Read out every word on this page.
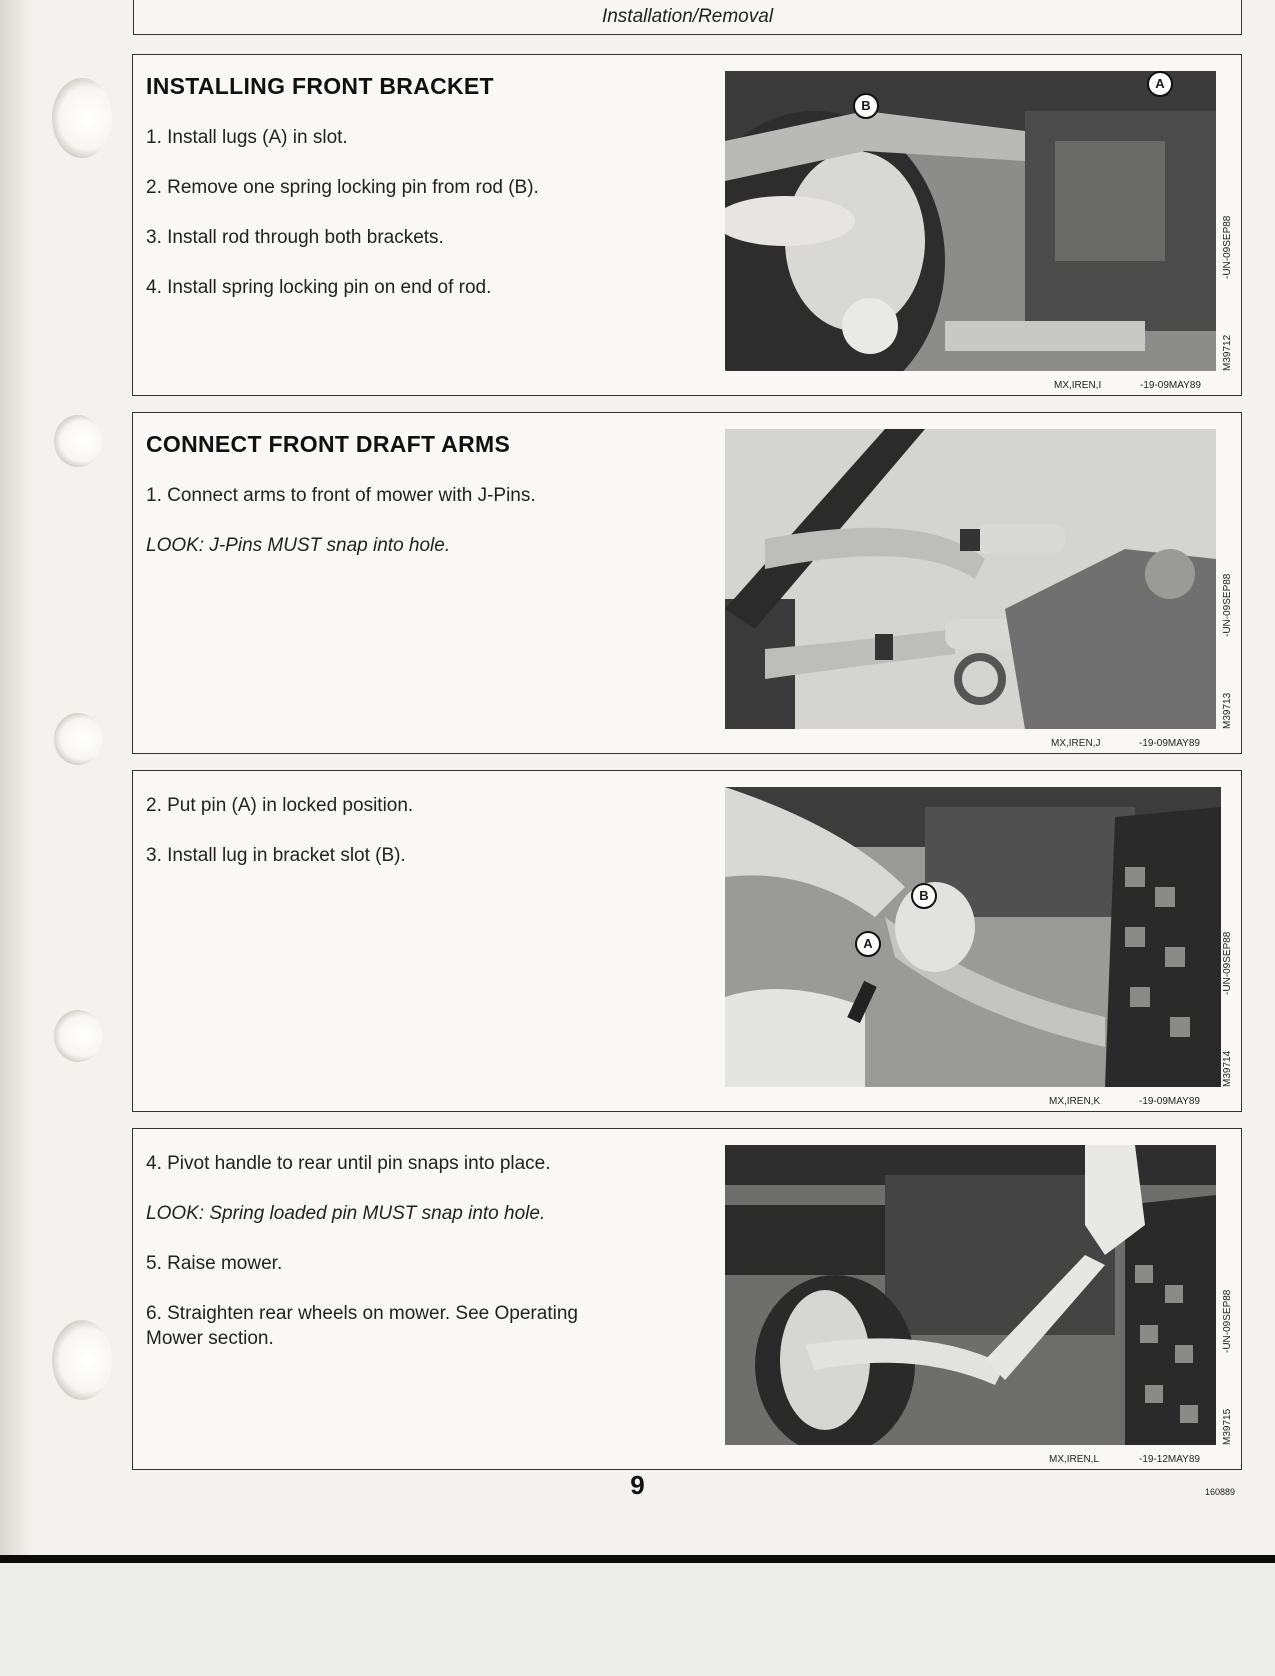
Installation/Removal
INSTALLING FRONT BRACKET
1. Install lugs (A) in slot.
2. Remove one spring locking pin from rod (B).
3. Install rod through both brackets.
4. Install spring locking pin on end of rod.
B
A
M39712
-UN-09SEP88
MX,IREN,I	-19-09MAY89
CONNECT FRONT DRAFT ARMS
1. Connect arms to front of mower with J-Pins.
LOOK: J-Pins MUST snap into hole.
M39713
-UN-09SEP88
MX,IREN,J	-19-09MAY89
2. Put pin (A) in locked position.
3. Install lug in bracket slot (B).
B
A
M39714
-UN-09SEP88
MX,IREN,K	-19-09MAY89
4. Pivot handle to rear until pin snaps into place.
LOOK: Spring loaded pin MUST snap into hole.
5. Raise mower.
6. Straighten rear wheels on mower. See Operating
Mower section.
M39715
-UN-09SEP88
MX,IREN,L	-19-12MAY89
9	160889
